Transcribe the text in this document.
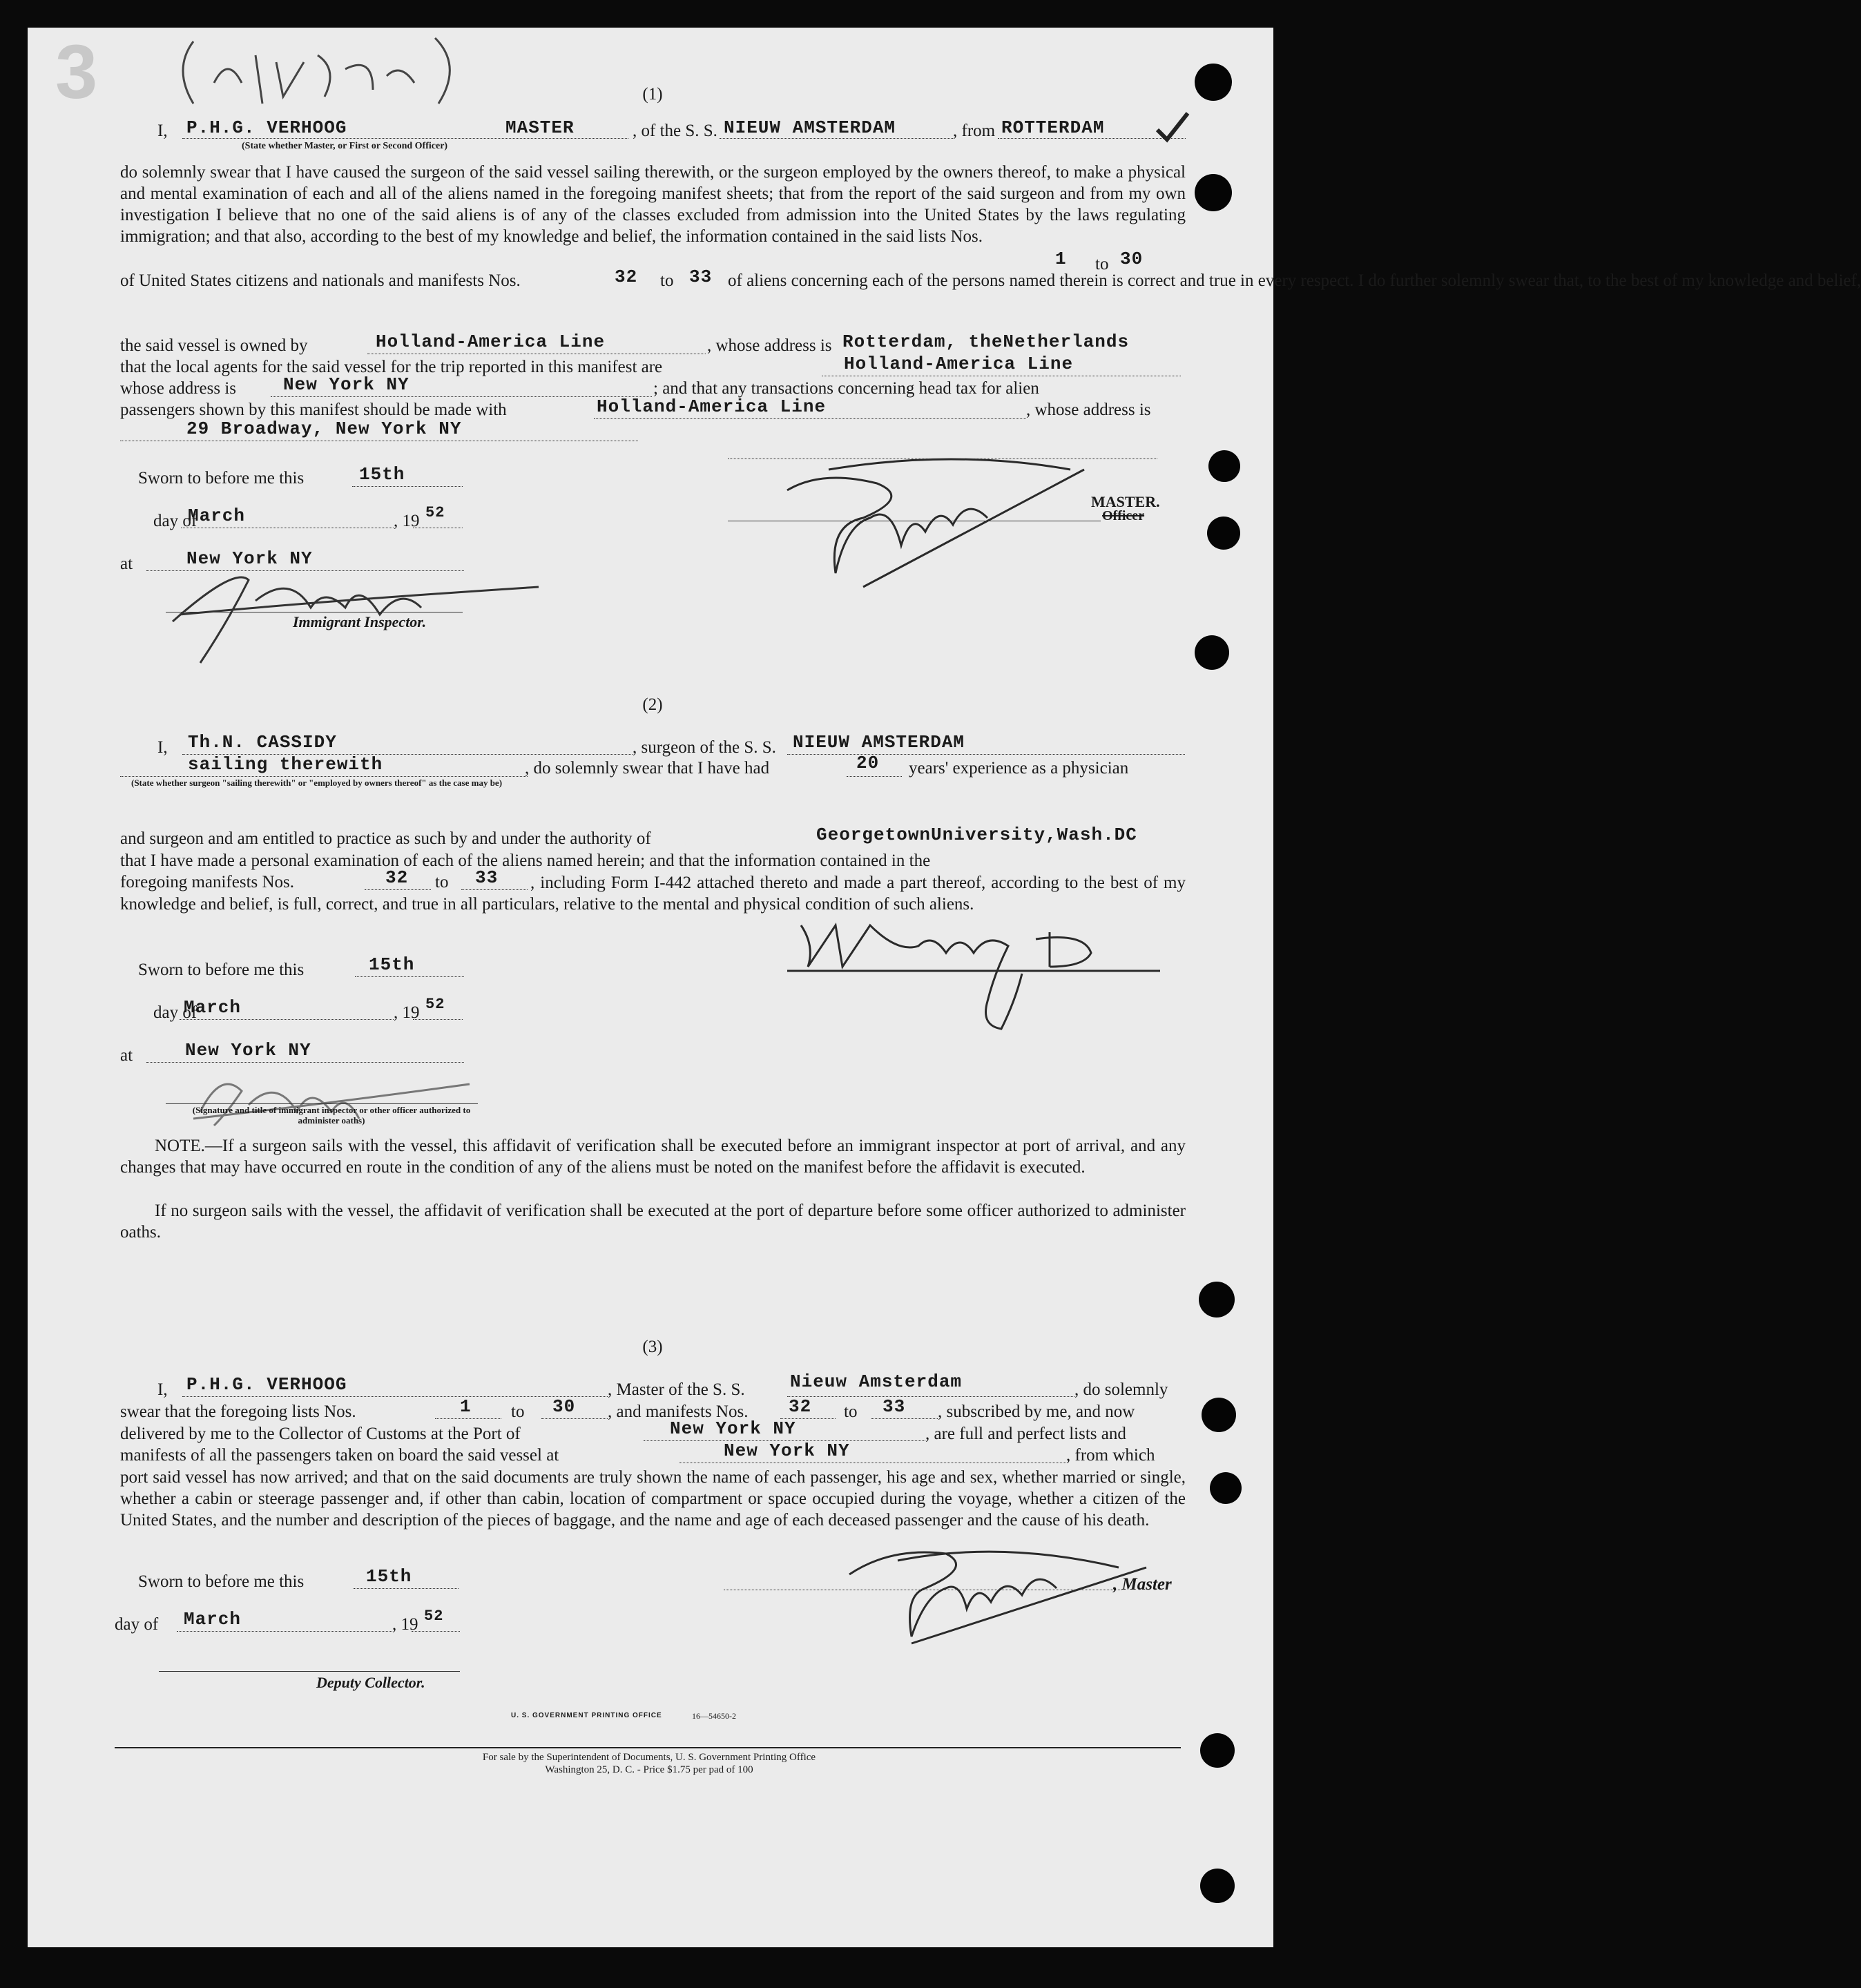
3	(1)
I, P.H.G. VERHOOG	MASTER
(State whether Master, or First or Second Officer)
, of the S. S. NIEUW AMSTERDAM	, from ROTTERDAM
do solemnly swear that I have caused the surgeon of the said vessel sailing therewith, or the surgeon employed by the owners thereof, to make a physical and mental examination of each and all of the aliens named in the foregoing manifest sheets; that from the report of the said surgeon and from my own investigation I believe that no one of the said aliens is of any of the classes excluded from admission into the United States by the laws regulating immigration; and that also, according to the best of my knowledge and belief, the information contained in the said lists Nos.
1 to 30
of United States citizens and nationals and manifests Nos.	32 to 33 of aliens concerning each of the persons named therein is correct and true in every respect. I do further solemnly swear that, to the best of my knowledge and belief,
the said vessel is owned by	Holland-America Line	, whose address is Rotterdam, theNetherlands
that the local agents for the said vessel for the trip reported in this manifest are	Holland-America Line
whose address is	New York NY	; and that any transactions concerning head tax for alien
passengers shown by this manifest should be made with	Holland-America Line	, whose address is
29 Broadway, New York NY
Sworn to before me this	15th
day of
March	, 19 52
at	New York NY
Immigrant Inspector.
MASTER.
Officer
(2)
I, Th.N. CASSIDY	, surgeon of the S. S. NIEUW AMSTERDAM
sailing therewith
(State whether surgeon "sailing therewith" or "employed by owners thereof" as the case may be)
, do solemnly swear that I have had	20 years' experience as a physician
and surgeon and am entitled to practice as such by and under the authority of	GeorgetownUniversity,Wash.DC
that I have made a personal examination of each of the aliens named herein; and that the information contained in the
foregoing manifests Nos.	32 to 33	, including Form I-442 attached thereto and made a part thereof, according to the best of my knowledge and belief, is full, correct, and true in all particulars, relative to the mental and physical condition of such aliens.
Sworn to before me this	15th
day of
March	, 19 52
at	New York NY
(Signature and title of immigrant inspector or other officer authorized to administer oaths)
NOTE.—If a surgeon sails with the vessel, this affidavit of verification shall be executed before an immigrant inspector at port of arrival, and any changes that may have occurred en route in the condition of any of the aliens must be noted on the manifest before the affidavit is executed.
If no surgeon sails with the vessel, the affidavit of verification shall be executed at the port of departure before some officer authorized to administer oaths.
(3)
I, P.H.G. VERHOOG	, Master of the S. S.	Nieuw Amsterdam	, do solemnly
swear that the foregoing lists Nos.	1 to 30 , and manifests Nos. 32 to 33 , subscribed by me, and now
delivered by me to the Collector of Customs at the Port of	New York NY	, are full and perfect lists and
manifests of all the passengers taken on board the said vessel at	New York NY	, from which
port said vessel has now arrived; and that on the said documents are truly shown the name of each passenger, his age and sex, whether married or single, whether a cabin or steerage passenger and, if other than cabin, location of compartment or space occupied during the voyage, whether a citizen of the United States, and the number and description of the pieces of baggage, and the name and age of each deceased passenger and the cause of his death.
Sworn to before me this	15th
day of March	, 19 52
, Master
Deputy Collector.
U. S. GOVERNMENT PRINTING OFFICE	16—54650-2
For sale by the Superintendent of Documents, U. S. Government Printing Office
Washington 25, D. C. - Price $1.75 per pad of 100
